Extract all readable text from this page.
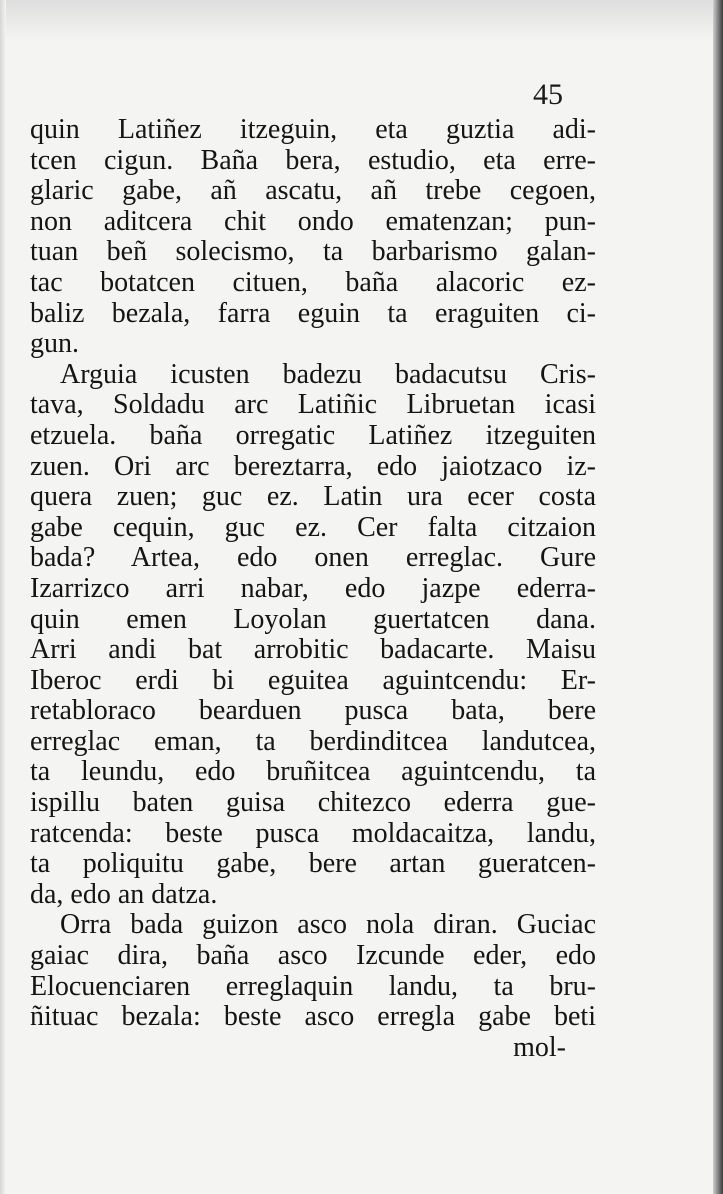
45
quin Latiñez itzeguin, eta guztia adi-
tcen cigun. Baña bera, estudio, eta erre-
glaric gabe, añ ascatu, añ trebe cegoen,
non aditcera chit ondo ematenzan; pun-
tuan beñ solecismo, ta barbarismo galan-
tac botatcen cituen, baña alacoric ez-
baliz bezala, farra eguin ta eraguiten ci-
gun.
Arguia icusten badezu badacutsu Cris-
tava, Soldadu arc Latiñic Libruetan icasi
etzuela. baña orregatic Latiñez itzeguiten
zuen. Ori arc bereztarra, edo jaiotzaco iz-
quera zuen; guc ez. Latin ura ecer costa
gabe cequin, guc ez. Cer falta citzaion
bada? Artea, edo onen erreglac. Gure
Izarrizco arri nabar, edo jazpe ederra-
quin emen Loyolan guertatcen dana.
Arri andi bat arrobitic badacarte. Maisu
Iberoc erdi bi eguitea aguintcendu: Er-
retabloraco bearduen pusca bata, bere
erreglac eman, ta berdinditcea landutcea,
ta leundu, edo bruñitcea aguintcendu, ta
ispillu baten guisa chitezco ederra gue-
ratcenda: beste pusca moldacaitza, landu,
ta poliquitu gabe, bere artan gueratcen-
da, edo an datza.
Orra bada guizon asco nola diran. Guciac
gaiac dira, baña asco Izcunde eder, edo
Elocuenciaren erreglaquin landu, ta bru-
ñituac bezala: beste asco erregla gabe beti
mol-
